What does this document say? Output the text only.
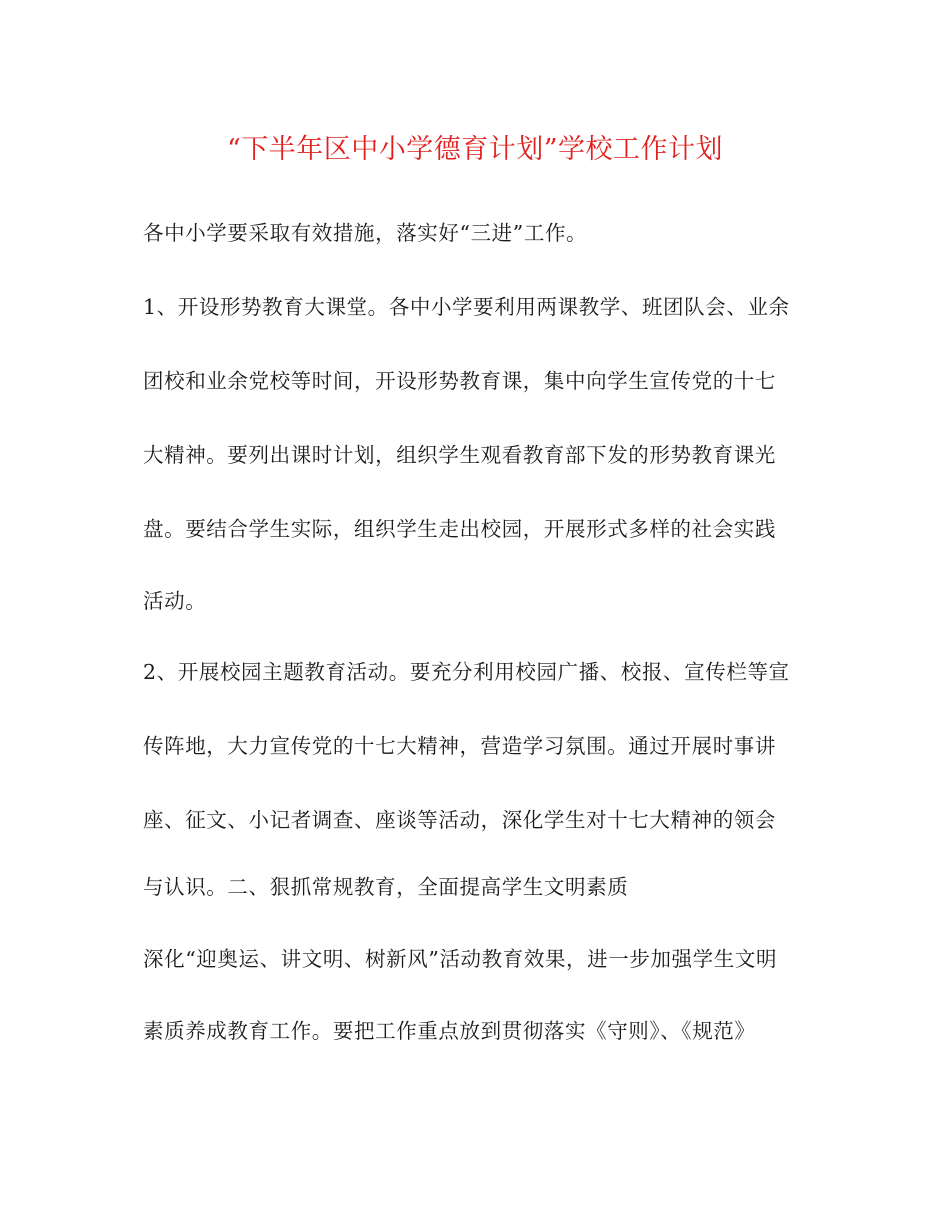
“下半年区中小学德育计划”学校工作计划

各中小学要采取有效措施，落实好“三进”工作。

1、开设形势教育大课堂。各中小学要利用两课教学、班团队会、业余

团校和业余党校等时间，开设形势教育课，集中向学生宣传党的十七

大精神。要列出课时计划，组织学生观看教育部下发的形势教育课光

盘。要结合学生实际，组织学生走出校园，开展形式多样的社会实践

活动。

2、开展校园主题教育活动。要充分利用校园广播、校报、宣传栏等宣

传阵地，大力宣传党的十七大精神，营造学习氛围。通过开展时事讲

座、征文、小记者调查、座谈等活动，深化学生对十七大精神的领会

与认识。二、狠抓常规教育，全面提高学生文明素质

深化“迎奥运、讲文明、树新风”活动教育效果，进一步加强学生文明

素质养成教育工作。要把工作重点放到贯彻落实《守则》、《规范》
